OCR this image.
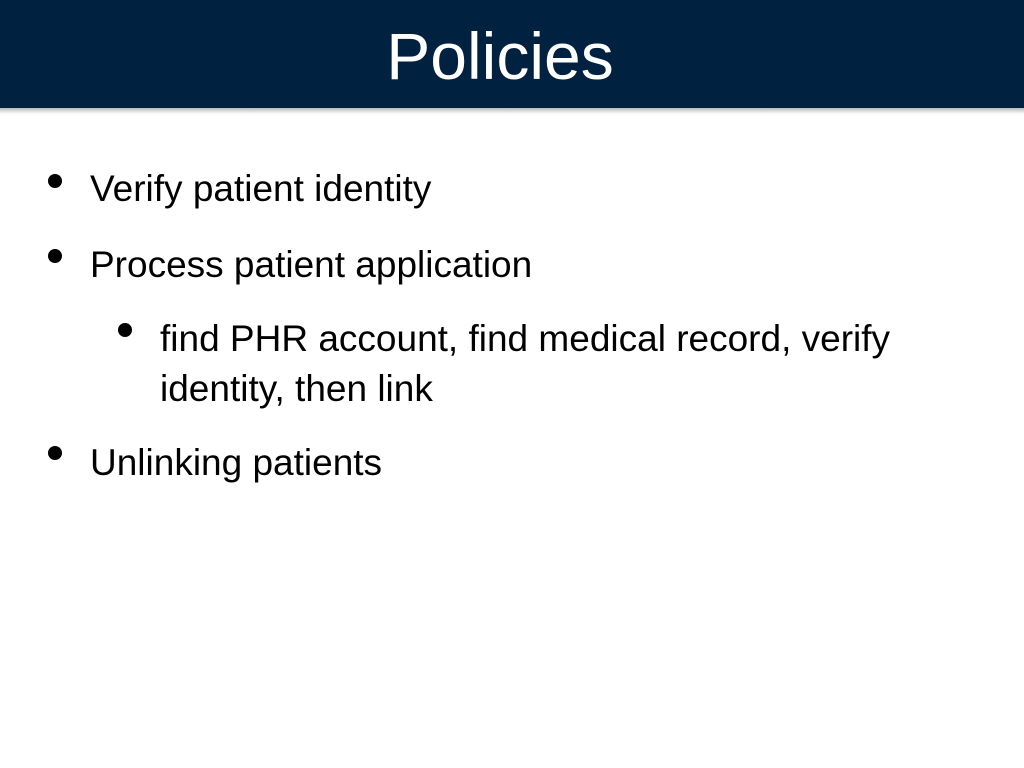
Policies
Verify patient identity
Process patient application
find PHR account, find medical record, verify identity, then link
Unlinking patients
